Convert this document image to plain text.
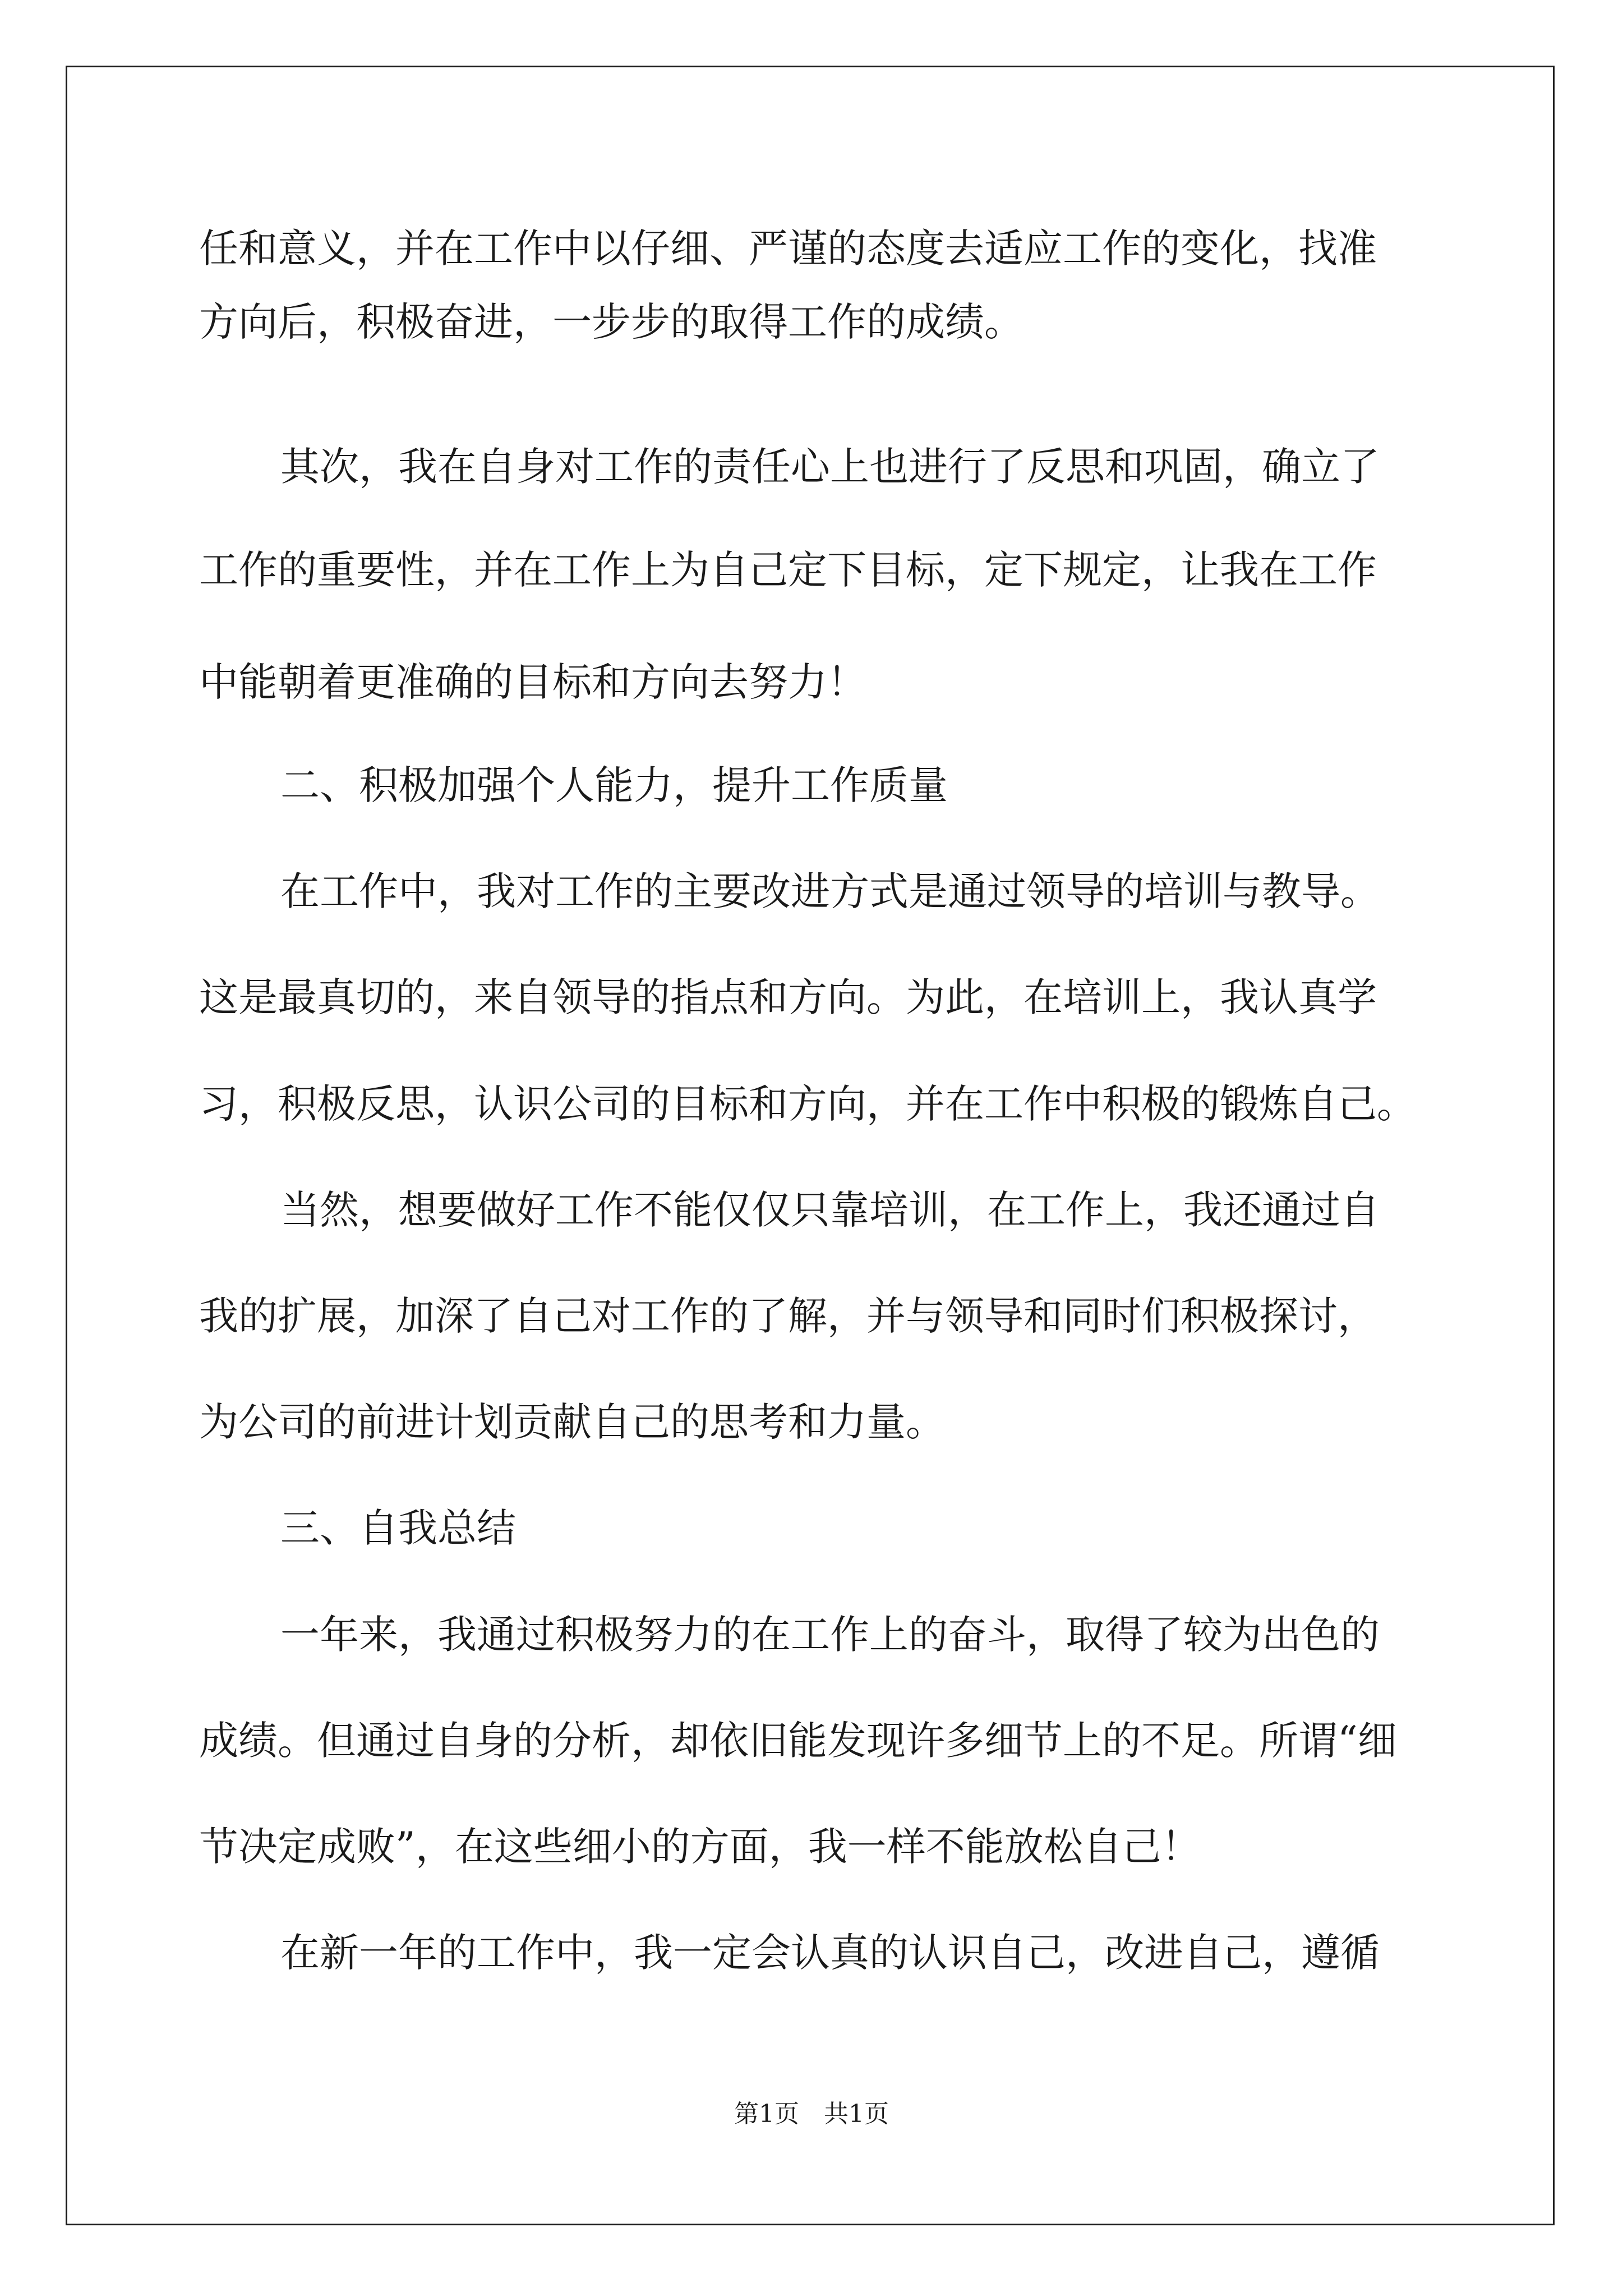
任和意义，并在工作中以仔细、严谨的态度去适应工作的变化，找准
方向后，积极奋进，一步步的取得工作的成绩。
其次，我在自身对工作的责任心上也进行了反思和巩固，确立了
工作的重要性，并在工作上为自己定下目标，定下规定，让我在工作
中能朝着更准确的目标和方向去努力！
二、积极加强个人能力，提升工作质量
在工作中，我对工作的主要改进方式是通过领导的培训与教导。
这是最真切的，来自领导的指点和方向。为此，在培训上，我认真学
习，积极反思，认识公司的目标和方向，并在工作中积极的锻炼自己。
当然，想要做好工作不能仅仅只靠培训，在工作上，我还通过自
我的扩展，加深了自己对工作的了解，并与领导和同时们积极探讨，
为公司的前进计划贡献自己的思考和力量。
三、自我总结
一年来，我通过积极努力的在工作上的奋斗，取得了较为出色的
成绩。但通过自身的分析，却依旧能发现许多细节上的不足。所谓“细
节决定成败”，在这些细小的方面，我一样不能放松自己！
在新一年的工作中，我一定会认真的认识自己，改进自己，遵循
第1页　共1页
